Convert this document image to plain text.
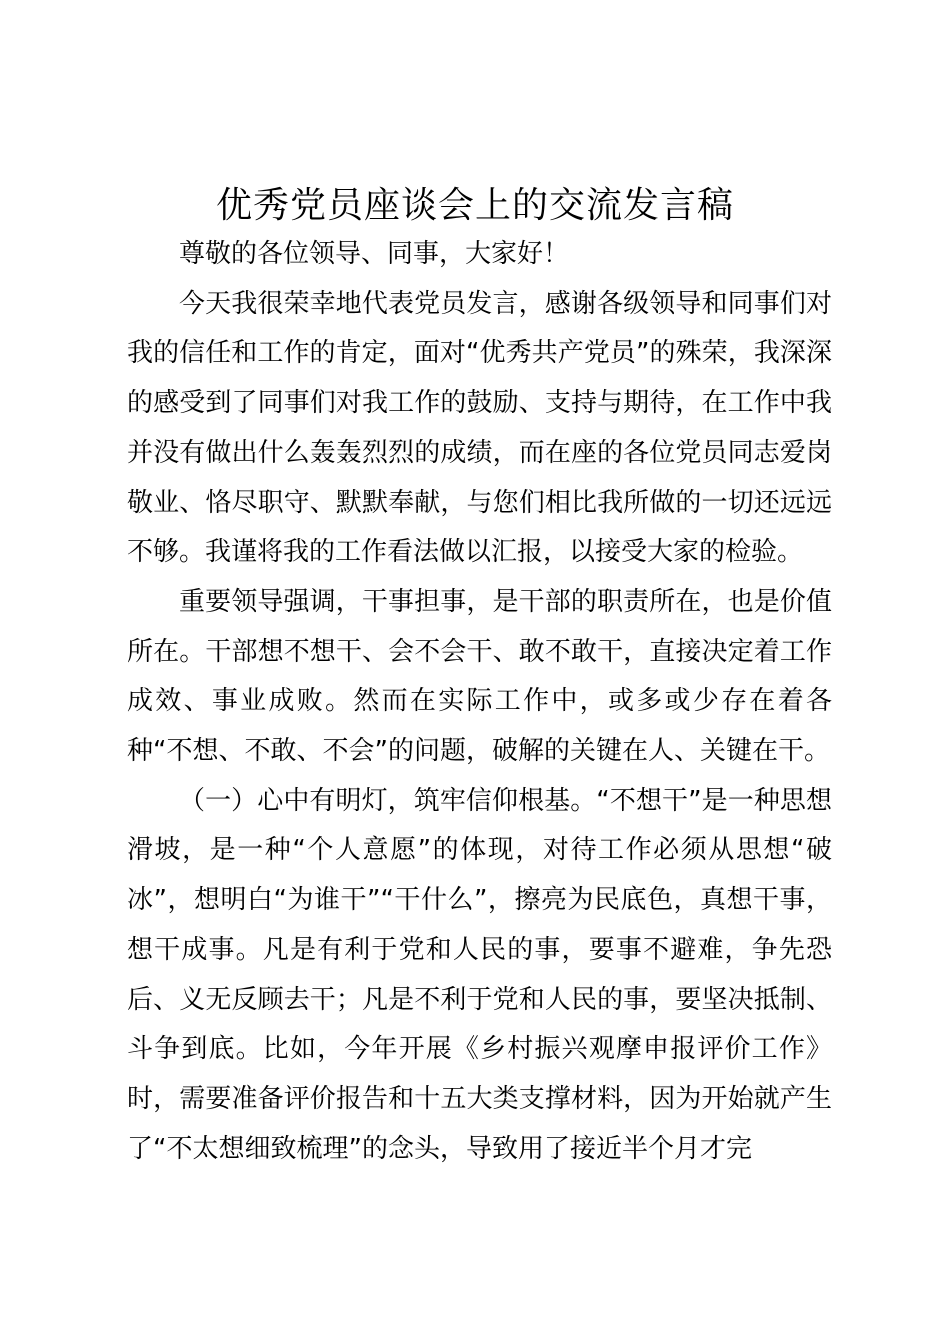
优秀党员座谈会上的交流发言稿

尊敬的各位领导、同事，大家好！

今天我很荣幸地代表党员发言，感谢各级领导和同事们对我的信任和工作的肯定，面对“优秀共产党员”的殊荣，我深深的感受到了同事们对我工作的鼓励、支持与期待，在工作中我并没有做出什么轰轰烈烈的成绩，而在座的各位党员同志爱岗敬业、恪尽职守、默默奉献，与您们相比我所做的一切还远远不够。我谨将我的工作看法做以汇报，以接受大家的检验。

重要领导强调，干事担事，是干部的职责所在，也是价值所在。干部想不想干、会不会干、敢不敢干，直接决定着工作成效、事业成败。然而在实际工作中，或多或少存在着各种“不想、不敢、不会”的问题，破解的关键在人、关键在干。

（一）心中有明灯，筑牢信仰根基。“不想干”是一种思想滑坡，是一种“个人意愿”的体现，对待工作必须从思想“破冰”，想明白“为谁干”“干什么”，擦亮为民底色，真想干事，想干成事。凡是有利于党和人民的事，要事不避难，争先恐后、义无反顾去干；凡是不利于党和人民的事，要坚决抵制、斗争到底。比如，今年开展《乡村振兴观摩申报评价工作》时，需要准备评价报告和十五大类支撑材料，因为开始就产生了“不太想细致梳理”的念头，导致用了接近半个月才完
